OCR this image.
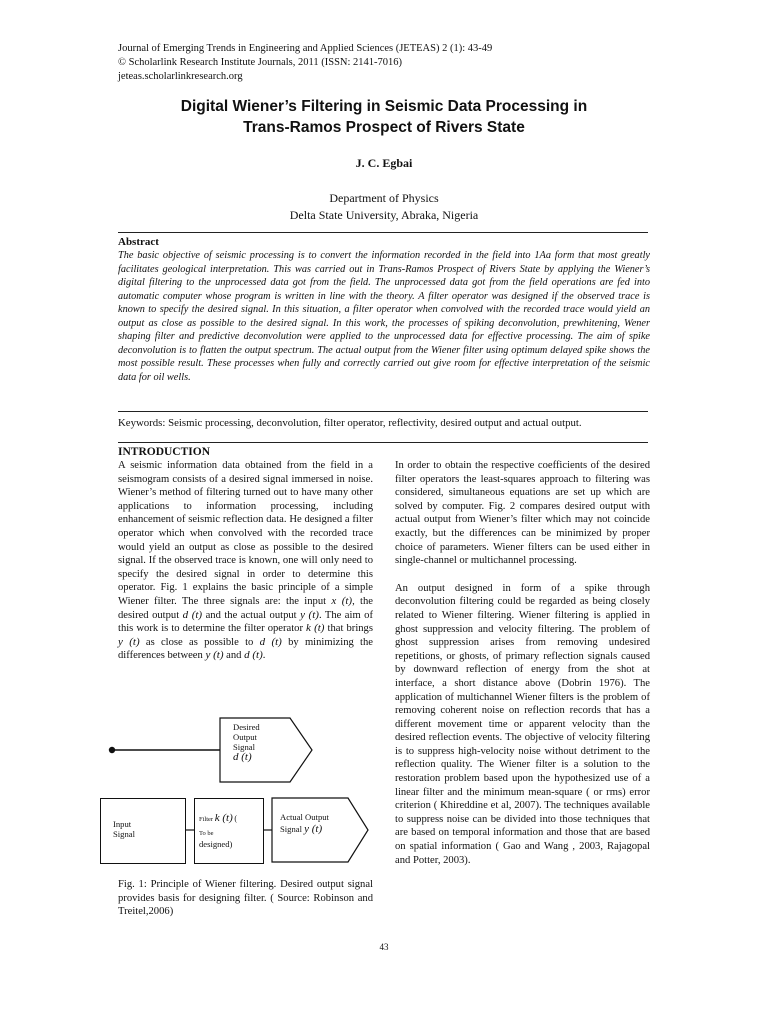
Journal of Emerging Trends in Engineering and Applied Sciences (JETEAS) 2 (1): 43-49
© Scholarlink Research Institute Journals, 2011 (ISSN: 2141-7016)
jeteas.scholarlinkresearch.org
Digital Wiener’s Filtering in Seismic Data Processing in
Trans-Ramos Prospect of Rivers State
J. C. Egbai
Department of Physics
Delta State University, Abraka, Nigeria
Abstract
The basic objective of seismic processing is to convert the information recorded in the field into 1Aa form that most greatly facilitates geological interpretation. This was carried out in Trans-Ramos Prospect of Rivers State by applying the Wiener’s digital filtering to the unprocessed data got from the field. The unprocessed data got from the field operations are fed into automatic computer whose program is written in line with the theory. A filter operator was designed if the observed trace is known to specify the desired signal. In this situation, a filter operator when convolved with the recorded trace would yield an output as close as possible to the desired signal. In this work, the processes of spiking deconvolution, prewhitening, Wener shaping filter and predictive deconvolution were applied to the unprocessed data for effective processing. The aim of spike deconvolution is to flatten the output spectrum. The actual output from the Wiener filter using optimum delayed spike shows the most possible result. These processes when fully and correctly carried out give room for effective interpretation of the seismic data for oil wells.
Keywords: Seismic processing, deconvolution, filter operator, reflectivity, desired output and actual output.
INTRODUCTION

A seismic information data obtained from the field in a seismogram consists of a desired signal immersed in noise. Wiener’s method of filtering turned out to have many other applications to information processing, including enhancement of seismic reflection data. He designed a filter operator which when convolved with the recorded trace would yield an output as close as possible to the desired signal. If the observed trace is known, one will only need to specify the desired signal in order to determine this operator. Fig. 1 explains the basic principle of a simple Wiener filter. The three signals are: the input x (t), the desired output d (t) and the actual output y (t). The aim of this work is to determine the filter operator k (t) that brings y (t) as close as possible to d (t) by minimizing the differences between y (t) and d (t).

Desired
Output
Signal
d (t)
Input
Signal
Filter k (t) (
To be
designed)
Actual Output
Signal y (t)
Fig. 1: Principle of Wiener filtering. Desired output signal provides basis for designing filter. ( Source: Robinson and Treitel,2006)

In order to obtain the respective coefficients of the desired filter operators the least-squares approach to filtering was considered, simultaneous equations are set up which are solved by computer. Fig. 2 compares desired output with actual output from Wiener’s filter which may not coincide exactly, but the differences can be minimized by proper choice of parameters. Wiener filters can be used either in single-channel or multichannel processing.

An output designed in form of a spike through deconvolution filtering could be regarded as being closely related to Wiener filtering. Wiener filtering is applied in ghost suppression and velocity filtering. The problem of ghost suppression arises from removing undesired repetitions, or ghosts, of primary reflection signals caused by downward reflection of energy from the shot at interface, a short distance above (Dobrin 1976). The application of multichannel Wiener filters is the problem of removing coherent noise on reflection records that has a different movement time or apparent velocity than the desired reflection events. The objective of velocity filtering is to suppress high-velocity noise without detriment to the reflection quality. The Wiener filter is a solution to the restoration problem based upon the hypothesized use of a linear filter and the minimum mean-square ( or rms) error criterion ( Khireddine et al, 2007). The techniques available to suppress noise can be divided into those techniques that are based on temporal information and those that are based on spatial information ( Gao and Wang , 2003, Rajagopal and Potter, 2003).

43
